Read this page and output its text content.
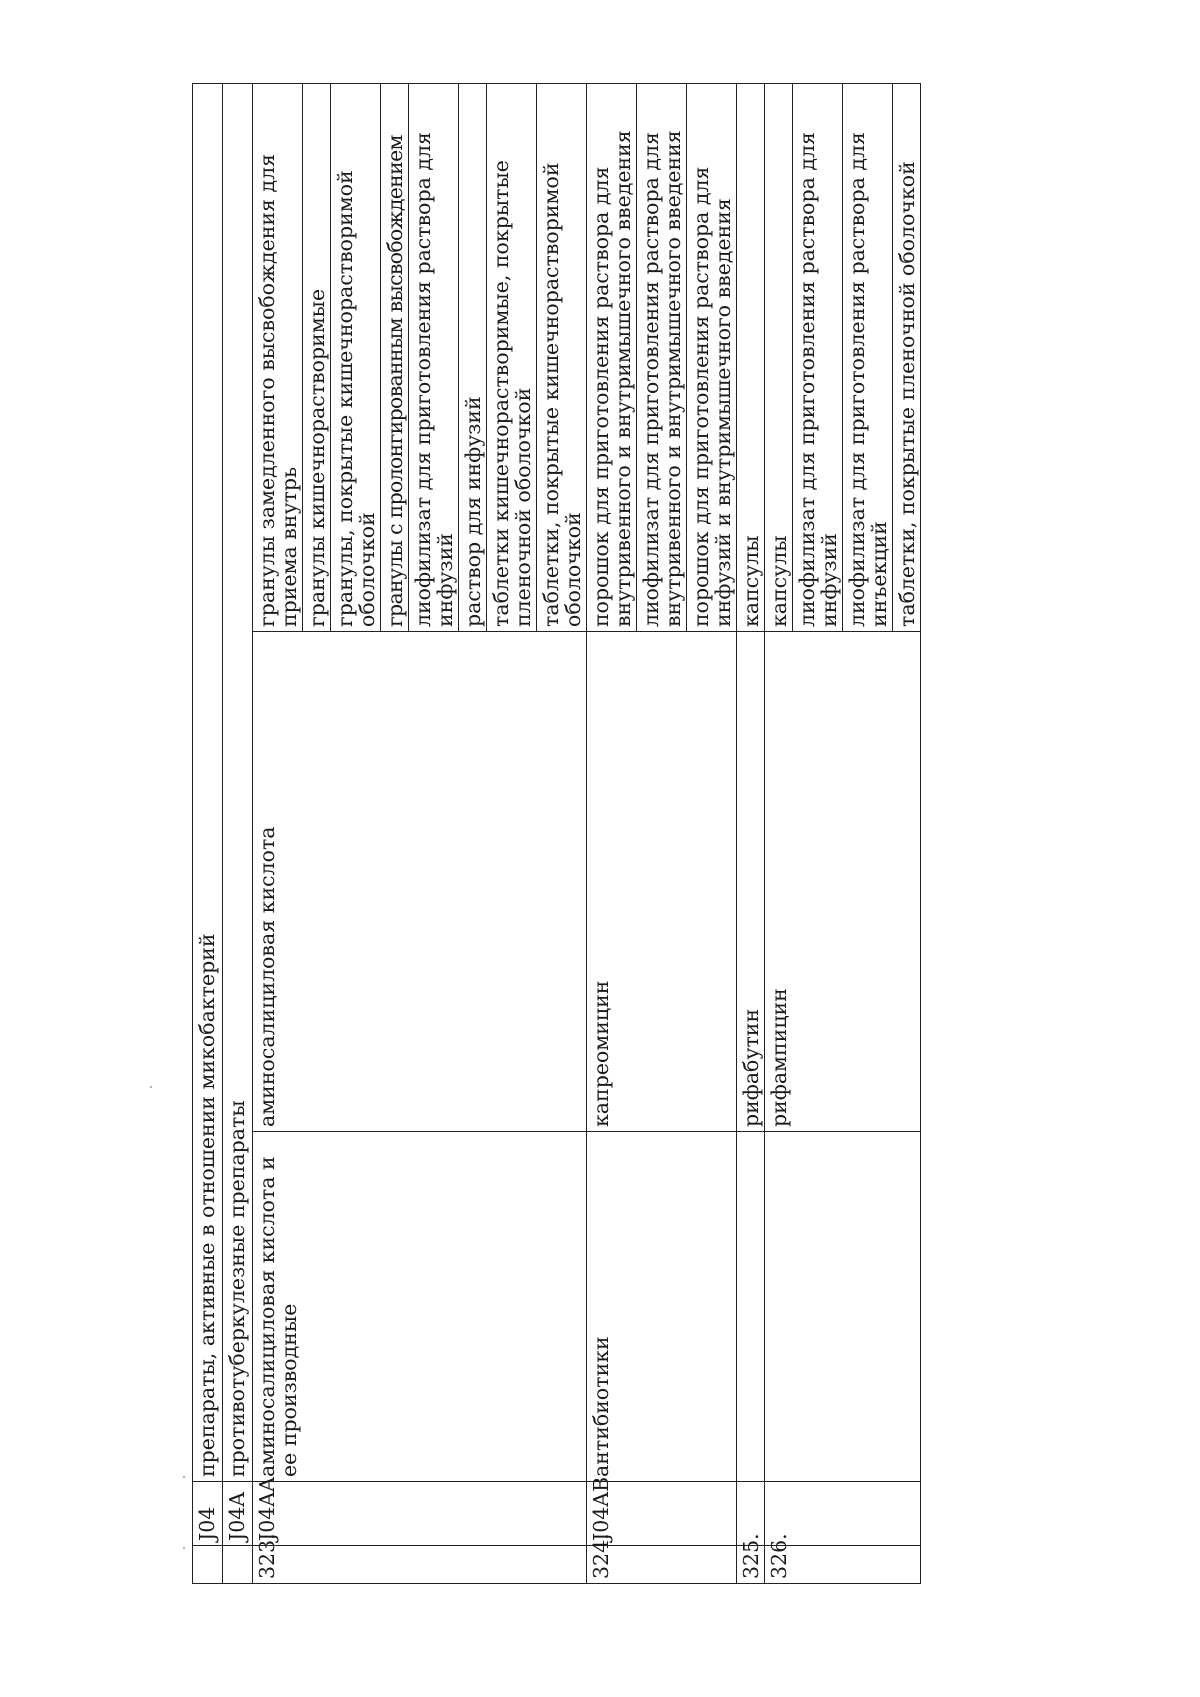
	J04	препараты, активные в отношении микобактерий		
	J04A	противотуберкулезные препараты		
323.	J04AA	аминосалициловая кислота и ее производные	аминосалициловая кислота	гранулы замедленного высвобождения для приема внутрь
				гранулы кишечнорастворимые
				гранулы, покрытые кишечнорастворимой оболочкой
				гранулы с пролонгированным высвобождением
				лиофилизат для приготовления раствора для инфузий
				раствор для инфузий
				таблетки кишечнорастворимые, покрытые пленочной оболочкой
				таблетки, покрытые кишечнорастворимой оболочкой
324.	J04AB	антибиотики	капреомицин	порошок для приготовления раствора для внутривенного и внутримышечного введения
				лиофилизат для приготовления раствора для внутривенного и внутримышечного введения
				порошок для приготовления раствора для инфузий и внутримышечного введения
325.			рифабутин	капсулы
326.			рифампицин	капсулы
				лиофилизат для приготовления раствора для инфузий
				лиофилизат для приготовления раствора для инъекций
				таблетки, покрытые пленочной оболочкой
